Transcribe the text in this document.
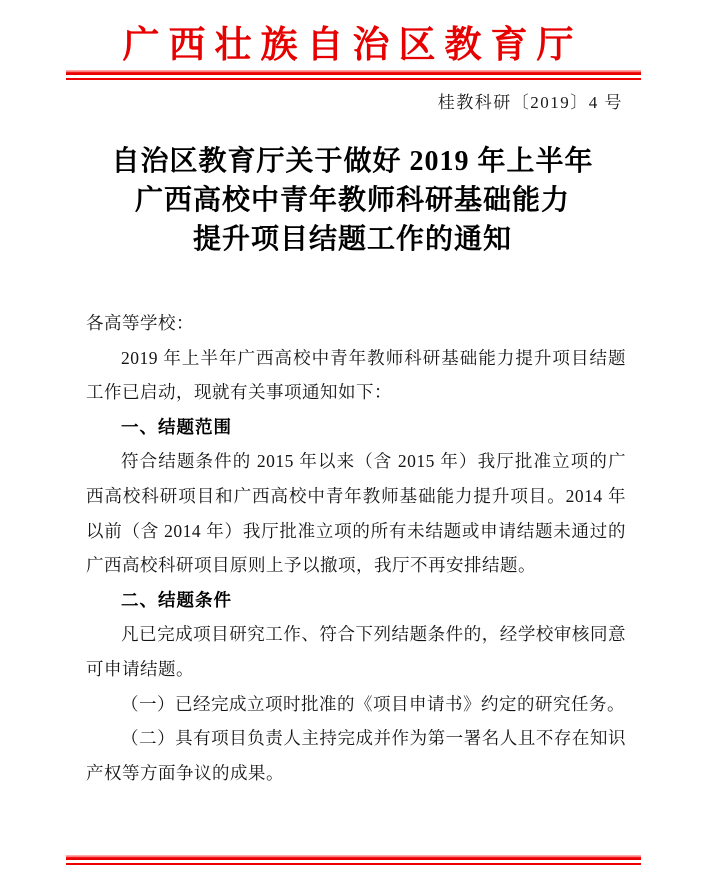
广西壮族自治区教育厅
桂教科研〔2019〕4 号
自治区教育厅关于做好 2019 年上半年
广西高校中青年教师科研基础能力
提升项目结题工作的通知

各高等学校：

2019 年上半年广西高校中青年教师科研基础能力提升项目结题工作已启动，现就有关事项通知如下：

一、结题范围

符合结题条件的 2015 年以来（含 2015 年）我厅批准立项的广西高校科研项目和广西高校中青年教师基础能力提升项目。2014 年以前（含 2014 年）我厅批准立项的所有未结题或申请结题未通过的广西高校科研项目原则上予以撤项，我厅不再安排结题。

二、结题条件

凡已完成项目研究工作、符合下列结题条件的，经学校审核同意可申请结题。

（一）已经完成立项时批准的《项目申请书》约定的研究任务。

（二）具有项目负责人主持完成并作为第一署名人且不存在知识产权等方面争议的成果。
